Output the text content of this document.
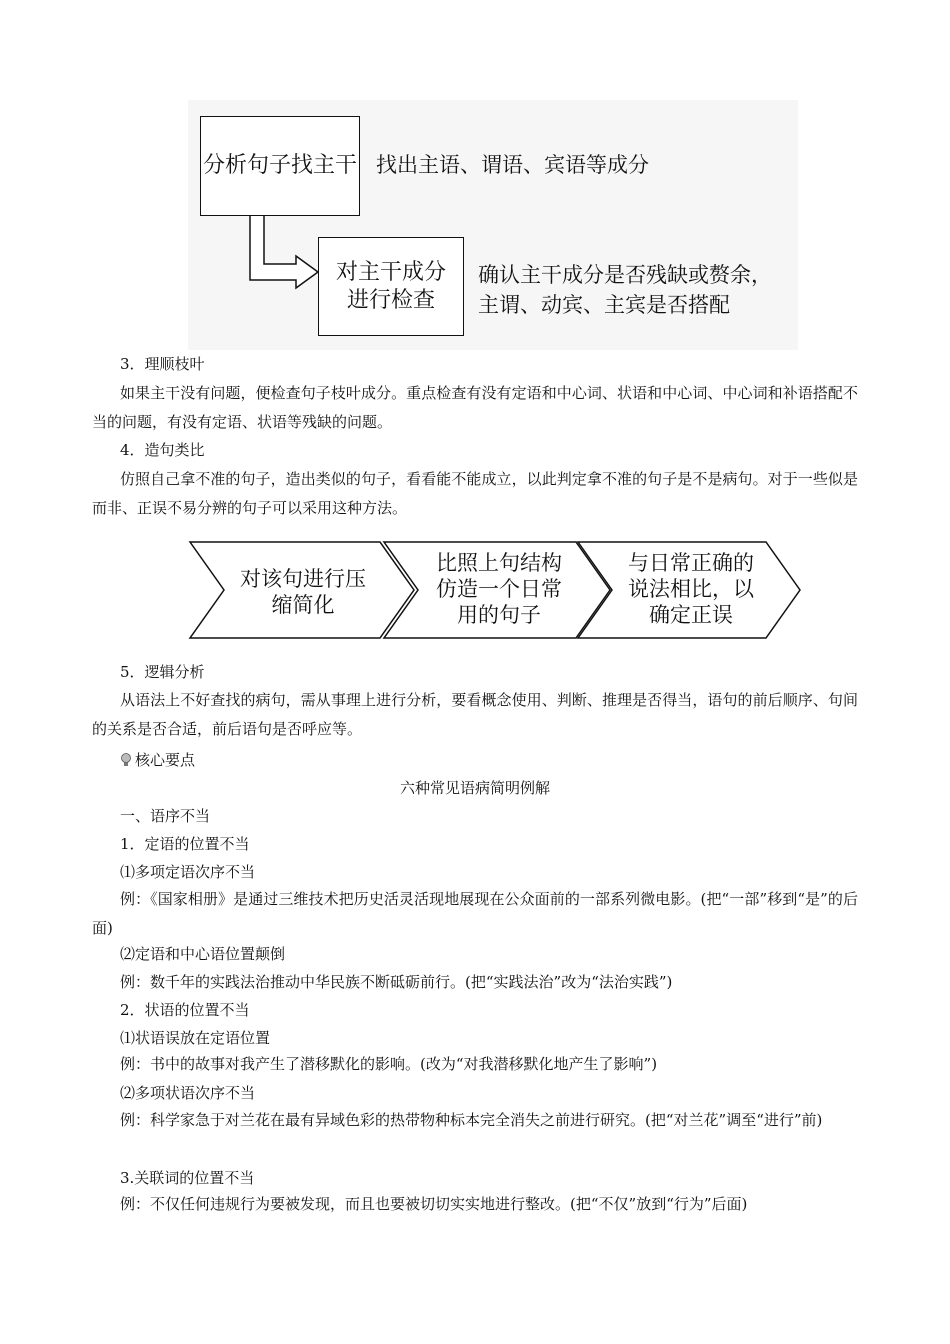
分析句子找主干 找出主语、谓语、宾语等成分
对主干成分
进行检查
确认主干成分是否残缺或赘余，
主谓、动宾、主宾是否搭配
3．理顺枝叶
如果主干没有问题，便检查句子枝叶成分。重点检查有没有定语和中心词、状语和中心词、中心词和补语搭配不当的问题，有没有定语、状语等残缺的问题。
4．造句类比
仿照自己拿不准的句子，造出类似的句子，看看能不能成立，以此判定拿不准的句子是不是病句。对于一些似是而非、正误不易分辨的句子可以采用这种方法。
对该句进行压
缩简化
比照上句结构
仿造一个日常
用的句子
与日常正确的
说法相比，以
确定正误
5．逻辑分析
从语法上不好查找的病句，需从事理上进行分析，要看概念使用、判断、推理是否得当，语句的前后顺序、句间的关系是否合适，前后语句是否呼应等。
核心要点
六种常见语病简明例解
一、语序不当
1．定语的位置不当
⑴多项定语次序不当
例：《国家相册》是通过三维技术把历史活灵活现地展现在公众面前的一部系列微电影。(把“一部”移到“是”的后面)
⑵定语和中心语位置颠倒
例：数千年的实践法治推动中华民族不断砥砺前行。(把“实践法治”改为“法治实践”)
2．状语的位置不当
⑴状语误放在定语位置
例：书中的故事对我产生了潜移默化的影响。(改为“对我潜移默化地产生了影响”)
⑵多项状语次序不当
例：科学家急于对兰花在最有异域色彩的热带物种标本完全消失之前进行研究。(把“对兰花”调至“进行”前)
3.关联词的位置不当
例：不仅任何违规行为要被发现，而且也要被切切实实地进行整改。(把“不仅”放到“行为”后面)
